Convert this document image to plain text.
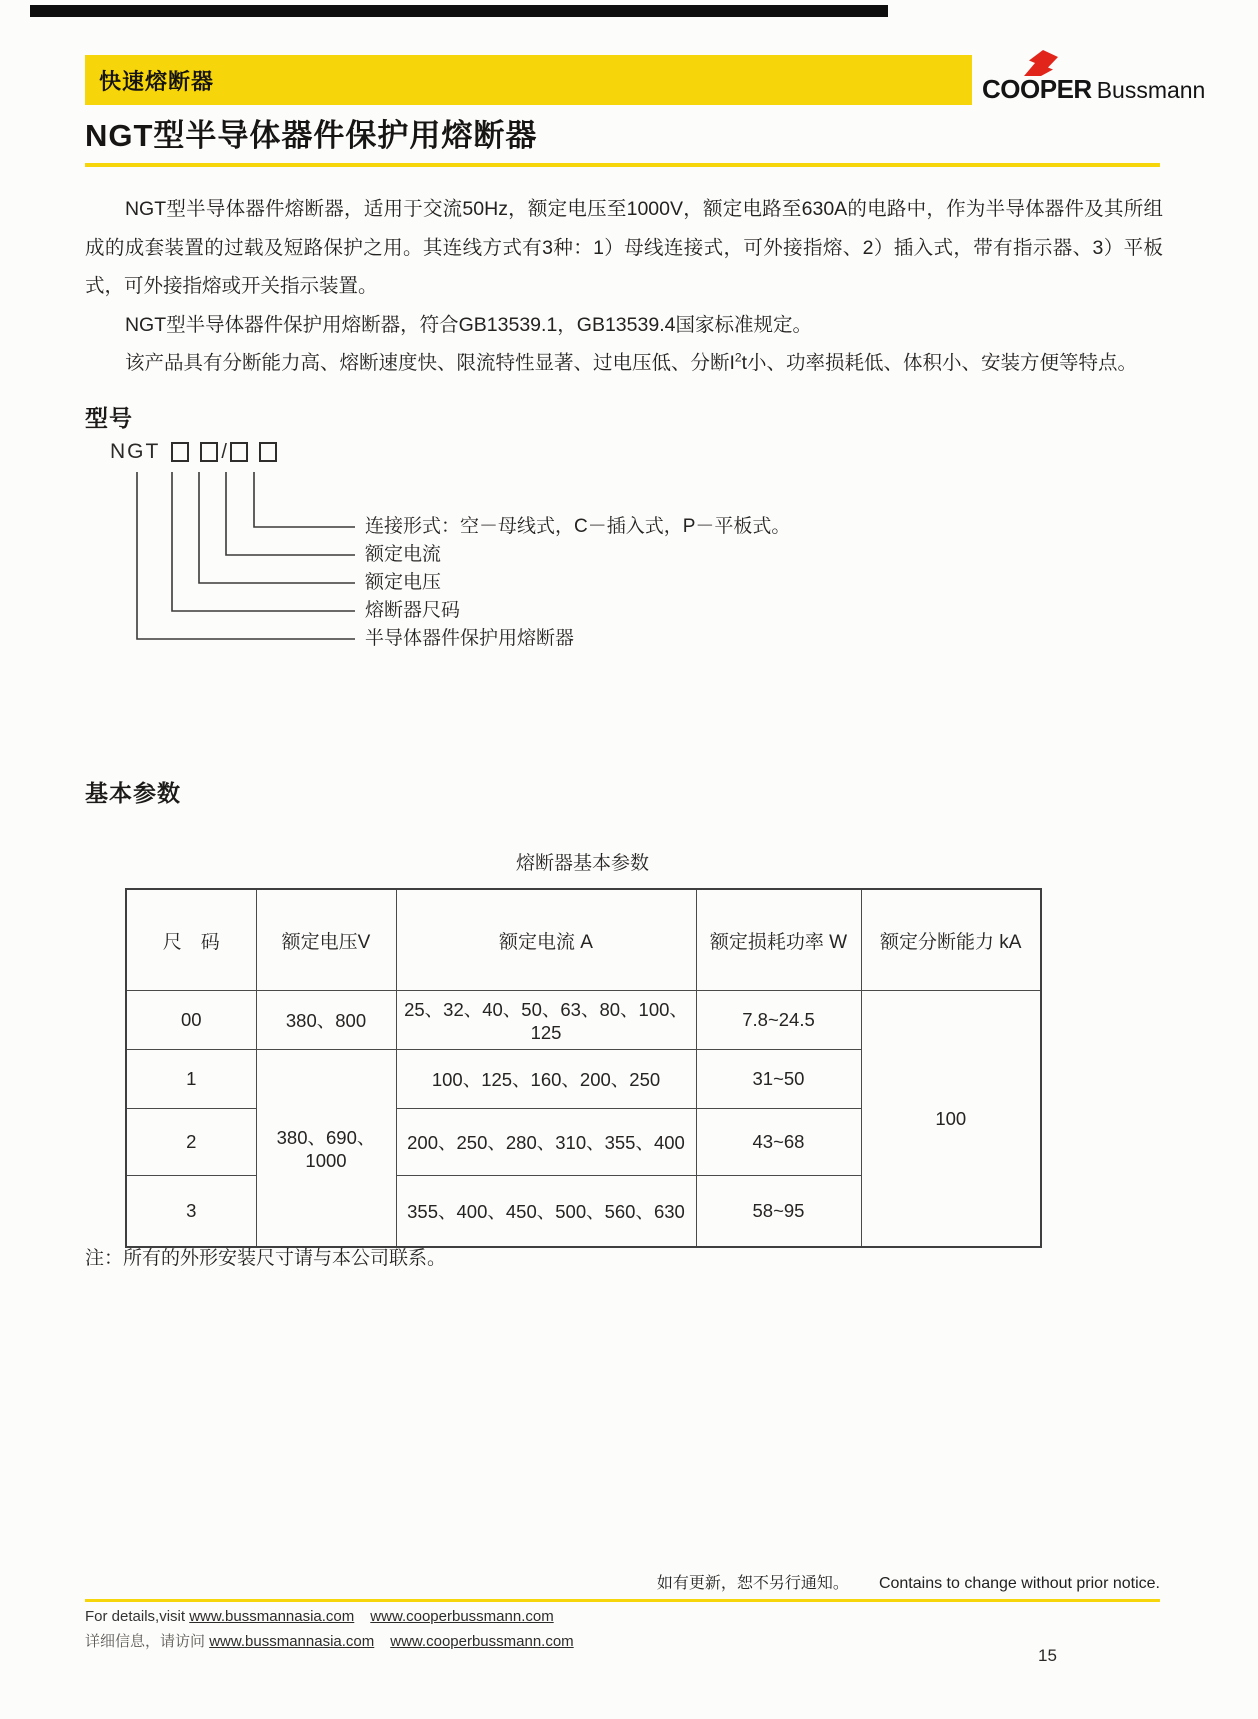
快速熔断器	COOPER Bussmann
NGT型半导体器件保护用熔断器

NGT型半导体器件熔断器，适用于交流50Hz，额定电压至1000V，额定电路至630A的电路中，作为半导体器件及其所组成的成套装置的过载及短路保护之用。其连线方式有3种：1）母线连接式，可外接指熔、2）插入式，带有指示器、3）平板式，可外接指熔或开关指示装置。

NGT型半导体器件保护用熔断器，符合GB13539.1，GB13539.4国家标准规定。

该产品具有分断能力高、熔断速度快、限流特性显著、过电压低、分断$I^2t$小、功率损耗低、体积小、安装方便等特点。

型号
NGT	/
连接形式：空－母线式，C－插入式，P－平板式。
额定电流
额定电压
熔断器尺码
半导体器件保护用熔断器
基本参数
熔断器基本参数
尺　码	额定电压V	额定电流 A	额定损耗功率 W	额定分断能力 kA
00	380、800	25、32、40、50、63、80、100、125	7.8~24.5	100
1	380、690、1000	100、125、160、200、250	31~50	
2		200、250、280、310、355、400	43~68	
3		355、400、450、500、560、630	58~95	
注：所有的外形安装尺寸请与本公司联系。
如有更新，恕不另行通知。 Contains to change without prior notice.
For details,visit www.bussmannasia.com www.cooperbussmann.com
详细信息，请访问 www.bussmannasia.com www.cooperbussmann.com
15
